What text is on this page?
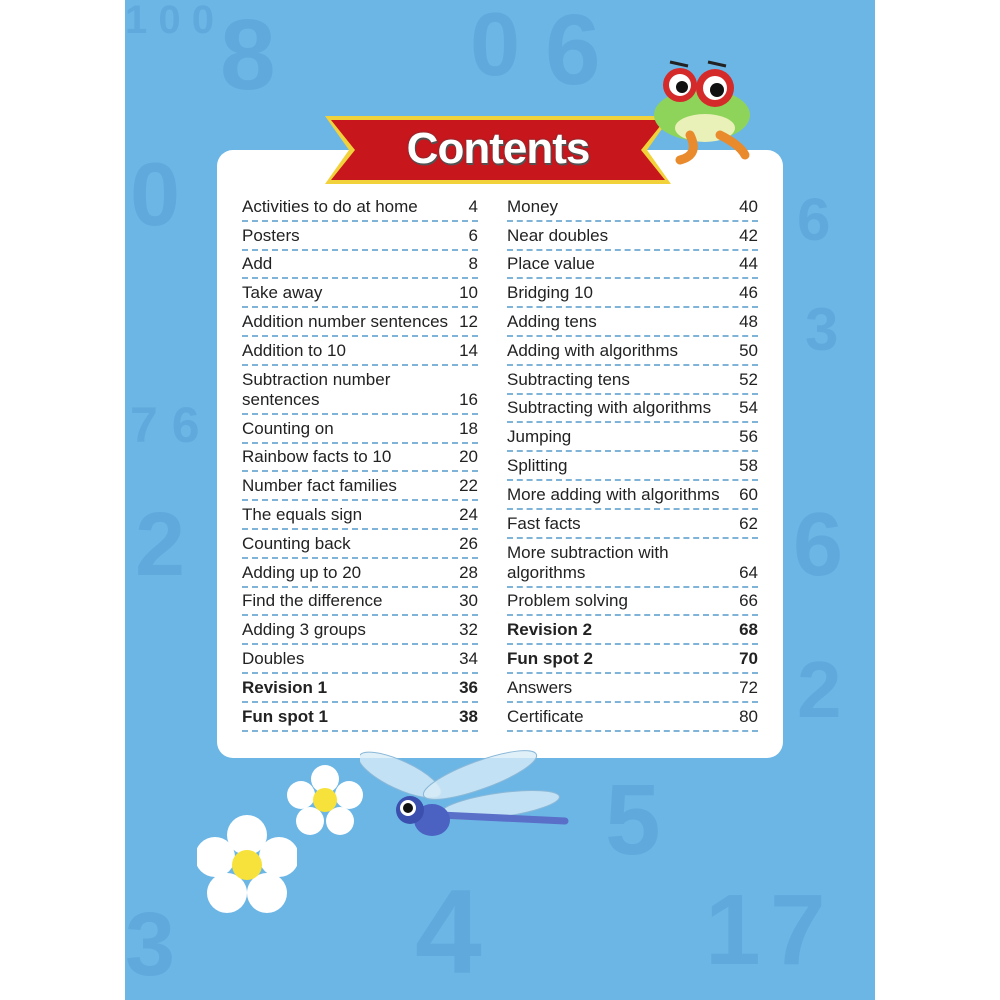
1 0 0 8 0 6
0
7 6
2
6
3
6
2
3 4
5
1 7
Contents
Activities to do at home	4
Posters	6
Add	8
Take away	10
Addition number sentences 12
Addition to 10	14
Subtraction number sentences	16
Counting on	18
Rainbow facts to 10	20
Number fact families	22
The equals sign	24
Counting back	26
Adding up to 20	28
Find the difference	30
Adding 3 groups	32
Doubles	34
Revision 1	36
Fun spot 1	38
Money	40
Near doubles	42
Place value	44
Bridging 10	46
Adding tens	48
Adding with algorithms	50
Subtracting tens	52
Subtracting with algorithms 54
Jumping	56
Splitting	58
More adding with algorithms 60
Fast facts	62
More subtraction with algorithms	64
Problem solving	66
Revision 2	68
Fun spot 2	70
Answers	72
Certificate	80
